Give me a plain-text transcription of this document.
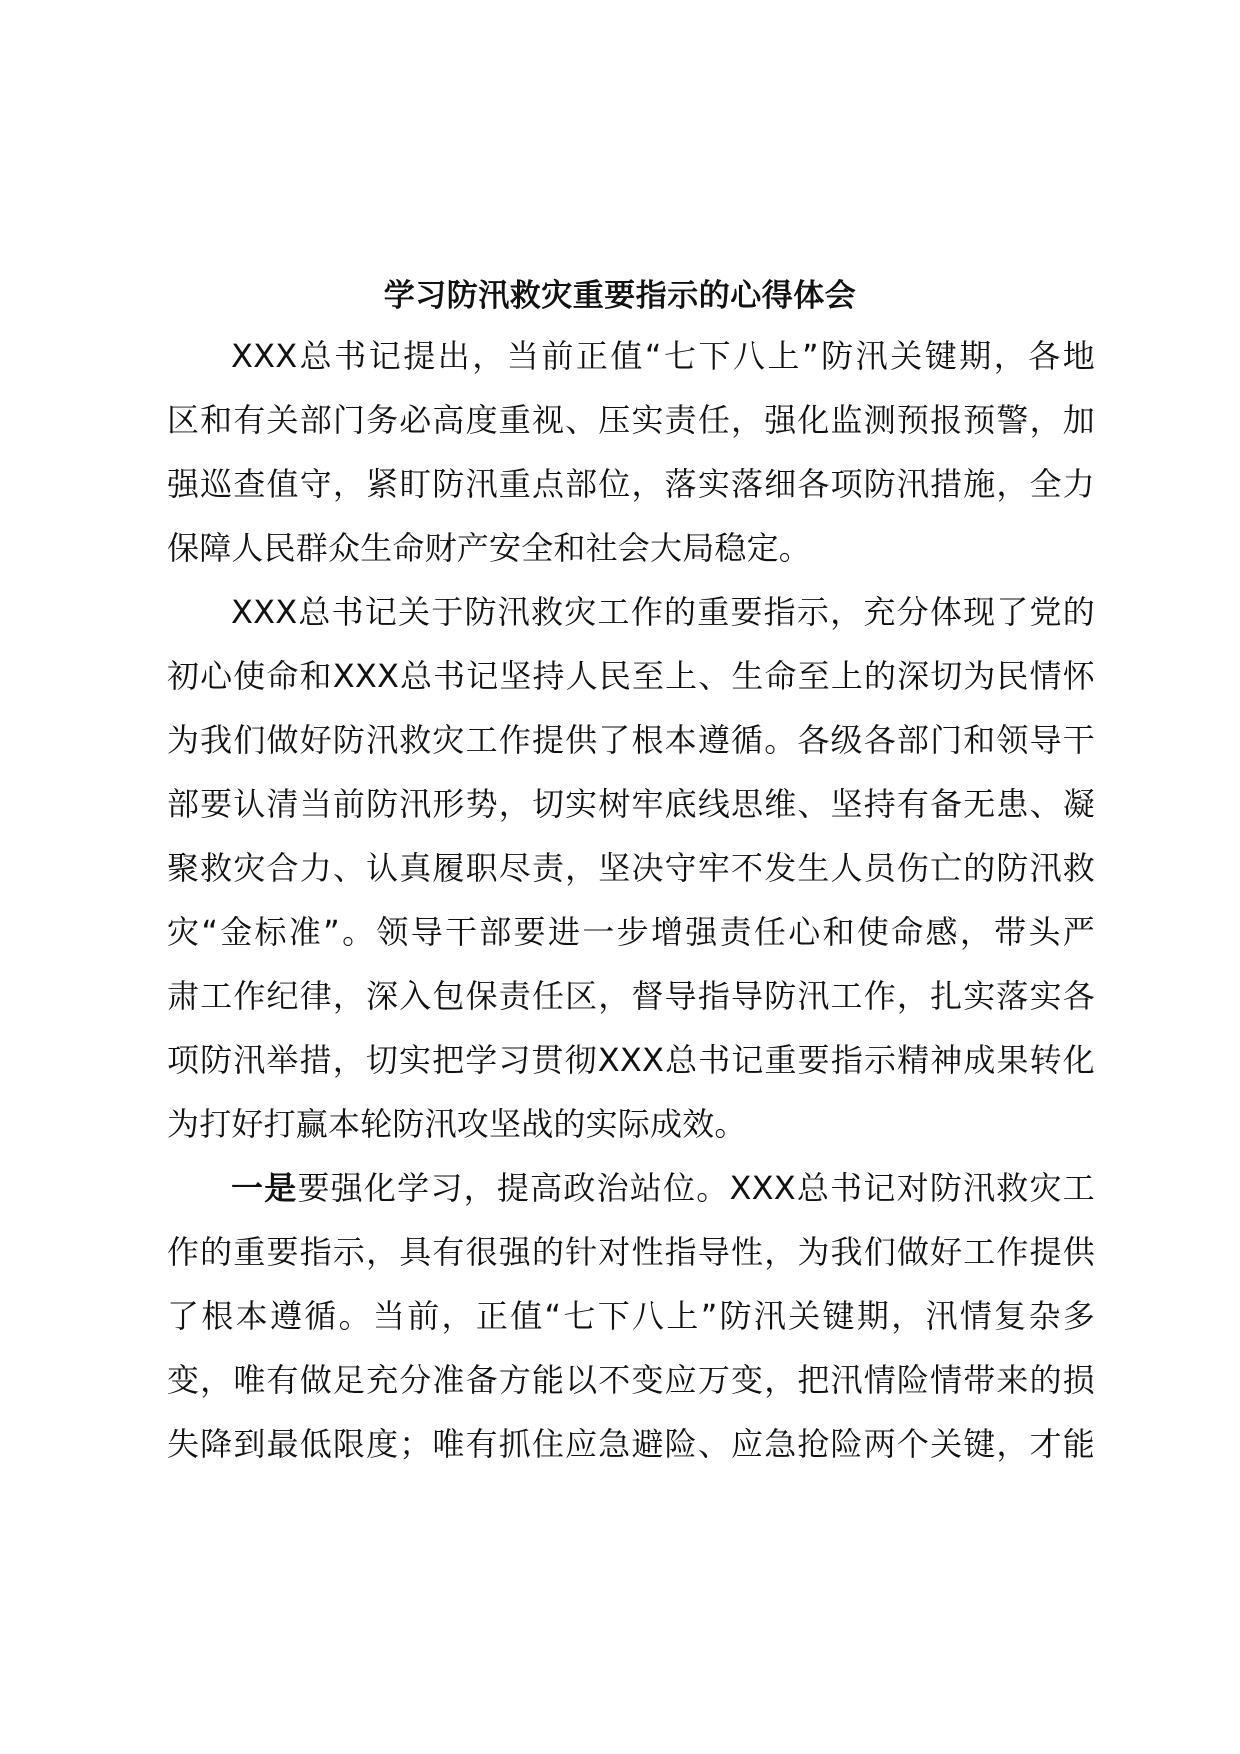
学习防汛救灾重要指示的心得体会
XXX总书记提出，当前正值“七下八上”防汛关键期，各地
区和有关部门务必高度重视、压实责任，强化监测预报预警，加
强巡查值守，紧盯防汛重点部位，落实落细各项防汛措施，全力
保障人民群众生命财产安全和社会大局稳定。
XXX总书记关于防汛救灾工作的重要指示，充分体现了党的
初心使命和XXX总书记坚持人民至上、生命至上的深切为民情怀
为我们做好防汛救灾工作提供了根本遵循。各级各部门和领导干
部要认清当前防汛形势，切实树牢底线思维、坚持有备无患、凝
聚救灾合力、认真履职尽责，坚决守牢不发生人员伤亡的防汛救
灾“金标准”。领导干部要进一步增强责任心和使命感，带头严
肃工作纪律，深入包保责任区，督导指导防汛工作，扎实落实各
项防汛举措，切实把学习贯彻XXX总书记重要指示精神成果转化
为打好打赢本轮防汛攻坚战的实际成效。
一是要强化学习，提高政治站位。XXX总书记对防汛救灾工
作的重要指示，具有很强的针对性指导性，为我们做好工作提供
了根本遵循。当前，正值“七下八上”防汛关键期，汛情复杂多
变，唯有做足充分准备方能以不变应万变，把汛情险情带来的损
失降到最低限度；唯有抓住应急避险、应急抢险两个关键，才能
